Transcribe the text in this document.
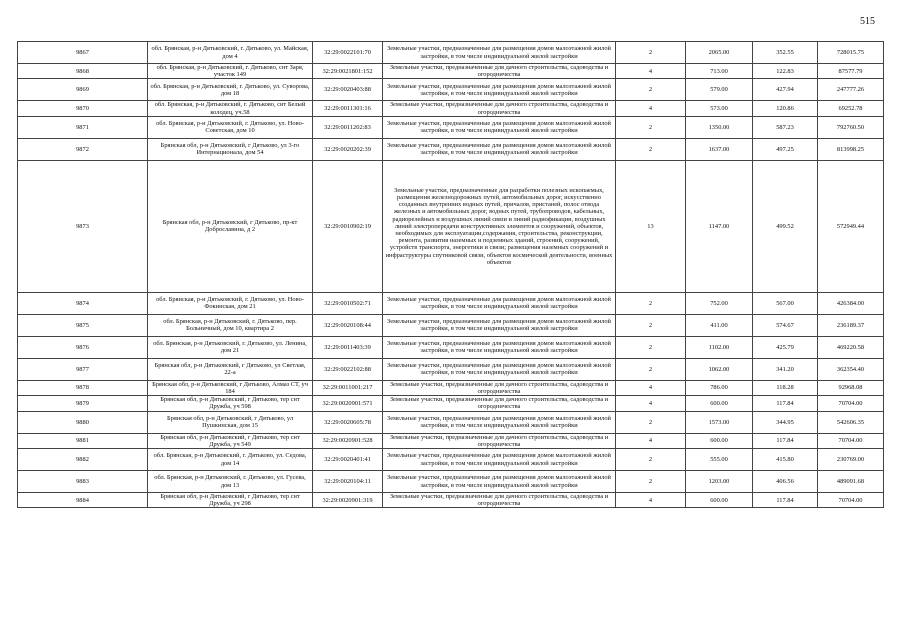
515
9867	обл. Брянская, р-н Дятьковский, г. Дятьково, ул. Майская, дом 4	32:29:0022101:70	Земельные участки, предназначенные для размещения домов малоэтажной жилой застройки, в том числе индивидуальной жилой застройки	2	2065.00	352.55	728015.75
9868	обл. Брянская, р-н Дятьковский, г. Дятьково, снт Заря, участок 149	32:29:0021801:152	Земельные участки, предназначенные для дачного строительства, садоводства и огородничества	4	713.00	122.83	87577.79
9869	обл. Брянская, р-н Дятьковский, г. Дятьково, ул. Суворова, дом 18	32:29:0020403:88	Земельные участки, предназначенные для размещения домов малоэтажной жилой застройки, в том числе индивидуальной жилой застройки	2	579.00	427.94	247777.26
9870	обл. Брянская, р-н Дятьковский, г. Дятьково, снт Белый колодец, уч.58	32:29:0011301:16	Земельные участки, предназначенные для дачного строительства, садоводства и огородничества	4	573.00	120.86	69252.78
9871	обл. Брянская, р-н Дятьковский, г. Дятьково, ул. Ново-Советская, дом 10	32:29:0011202:83	Земельные участки, предназначенные для размещения домов малоэтажной жилой застройки, в том числе индивидуальной жилой застройки	2	1350.00	587.23	792760.50
9872	Брянская обл, р-н Дятьковский, г Дятьково, ул 3-го Интернационала, дом 54	32:29:0020202:39	Земельные участки, предназначенные для размещения домов малоэтажной жилой застройки, в том числе индивидуальной жилой застройки	2	1637.00	497.25	813998.25
9873	Брянская обл, р-н Дятьковский, г Дятьково, пр-кт Доброславина, д 2	32:29:0010902:19	Земельные участки, предназначенные для разработки полезных ископаемых, размещения железнодорожных путей, автомобильных дорог, искусственно созданных внутренних водных путей, причалов, пристаней, полос отвода железных и автомобильных дорог, водных путей, трубопроводов, кабельных, радиорелейных и воздушных линий связи и линий радиофикации, воздушных линий электропередачи конструктивных элементов и сооружений, объектов, необходимых для эксплуатации,содержания, строительства, реконструкции, ремонта, развития наземных и подземных зданий, строений, сооружений, устройств транспорта, энергетики и связи; размещения наземных сооружений и инфраструктуры спутниковой связи, объектов космической деятельности, военных объектов	13	1147.00	499.52	572949.44
9874	обл. Брянская, р-н Дятьковский, г. Дятьково, ул. Ново-Фокинская, дом 21	32:29:0010502:71	Земельные участки, предназначенные для размещения домов малоэтажной жилой застройки, в том числе индивидуальной жилой застройки	2	752.00	567.00	426384.00
9875	обл. Брянская, р-н Дятьковский, г. Дятьково, пер. Больничный, дом 10, квартира 2	32:29:0020108:44	Земельные участки, предназначенные для размещения домов малоэтажной жилой застройки, в том числе индивидуальной жилой застройки	2	411.00	574.67	236189.37
9876	обл. Брянская, р-н Дятьковский, г. Дятьково, ул. Ленина, дом 21	32:29:0011403:39	Земельные участки, предназначенные для размещения домов малоэтажной жилой застройки, в том числе индивидуальной жилой застройки	2	1102.00	425.79	469220.58
9877	Брянская обл, р-н Дятьковский, г Дятьково, ул Светлая, 22-а	32:29:0022102:88	Земельные участки, предназначенные для размещения домов малоэтажной жилой застройки, в том числе индивидуальной жилой застройки	2	1062.00	341.20	362354.40
9878	Брянская обл, р-н Дятьковский, г Дятьково, Алмаз СТ, уч 184	32:29:0011001:217	Земельные участки, предназначенные для дачного строительства, садоводства и огородничества	4	786.00	118.28	92968.08
9879	Брянская обл, р-н Дятьковский, г Дятьково, тер снт Дружба, уч 598	32:29:0020901:571	Земельные участки, предназначенные для дачного строительства, садоводства и огородничества	4	600.00	117.84	70704.00
9880	Брянская обл, р-н Дятьковский, г Дятьково, ул Пушкинская, дом 15	32:29:0020605:78	Земельные участки, предназначенные для размещения домов малоэтажной жилой застройки, в том числе индивидуальной жилой застройки	2	1573.00	344.95	542606.35
9881	Брянская обл, р-н Дятьковский, г Дятьково, тер снт Дружба, уч 549	32:29:0020901:528	Земельные участки, предназначенные для дачного строительства, садоводства и огородничества	4	600.00	117.84	70704.00
9882	обл. Брянская, р-н Дятьковский, г. Дятьково, ул. Седова, дом 14	32:29:0020401:41	Земельные участки, предназначенные для размещения домов малоэтажной жилой застройки, в том числе индивидуальной жилой застройки	2	555.00	415.80	230769.00
9883	обл. Брянская, р-н Дятьковский, г. Дятьково, ул. Гусева, дом 13	32:29:0020104:11	Земельные участки, предназначенные для размещения домов малоэтажной жилой застройки, в том числе индивидуальной жилой застройки	2	1203.00	406.56	489091.68
9884	Брянская обл, р-н Дятьковский, г Дятьково, тер снт Дружба, уч 298	32:29:0020901:319	Земельные участки, предназначенные для дачного строительства, садоводства и огородничества	4	600.00	117.84	70704.00
